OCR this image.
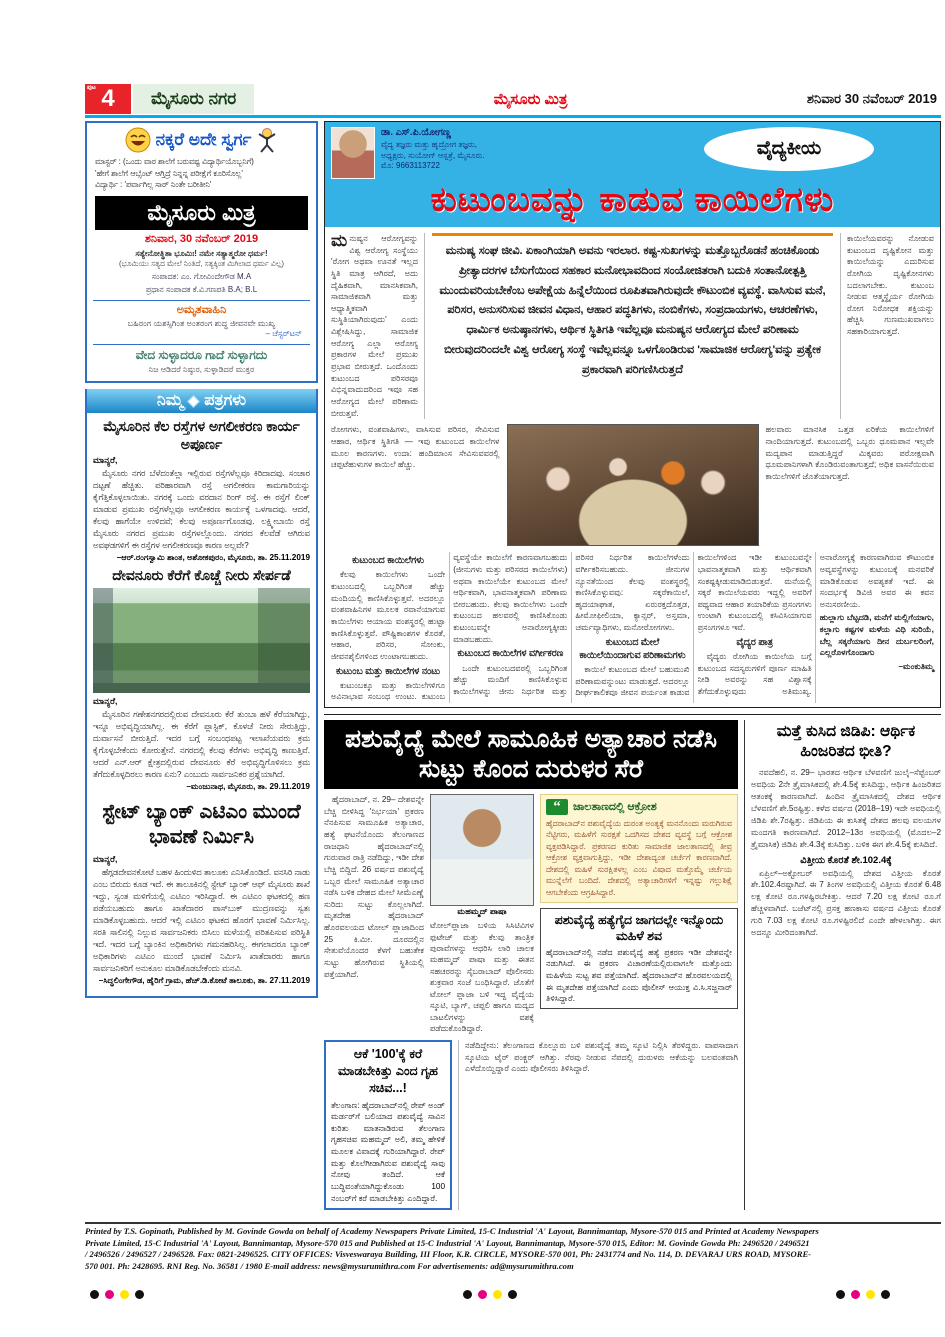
ಪುಟ 4	ಮೈಸೂರು ನಗರ	ಮೈಸೂರು ಮಿತ್ರ	ಶನಿವಾರ 30 ನವೆಂಬರ್ 2019
ನಕ್ಕರೆ ಅದೇ ಸ್ವರ್ಗ
ಮಾಸ್ಟರ್ : (ಒಂದು ವಾರ ಶಾಲೆಗೆ ಬರುವಷ್ಟ ವಿದ್ಯಾರ್ಥಿಯೊಬ್ಬನಿಗೆ)
'ಹೇಗೆ ಶಾಲೆಗೆ ಆಬ್ಸೆಂಟ್ ಆಗ್ತಿದ್ರೆ ನಿನ್ನನ್ನ ಪರೀಕ್ಷೆಗೆ ಕೂರಿಸೊಲ್ಲ'
ವಿದ್ಯಾರ್ಥಿ : 'ಪರ್ವಾಗಿಲ್ಲ ಸಾರ್ ನಿಂತೇ ಬರೀತೀನಿ'
ಮೈಸೂರು ಮಿತ್ರ
ಶನಿವಾರ, 30 ನವೆಂಬರ್ 2019
ಸತ್ಯೇನೋತ್ಥಿತಾ ಭೂಮಿಃ! ನಮೇ ಸತ್ಯಾತ್ಮರೋ ಧರ್ಮ!
(ಭೂಮಿಯು ಸತ್ಯದ ಮೇಲೆ ನಿಂತಿದೆ, ಸತ್ಯಕ್ಕಿಂತ ಮಿಗಿಲಾದ ಧರ್ಮ ವಿಲ್ಲ)
ಸಂಪಾದಕ: ಎಂ. ಗೋವಿಂದೇಗೌಡ M.A
ಪ್ರಧಾನ ಸಂಪಾದಕ ಕೆ.ವಿ.ಗಣಪತಿ B.A; B.L
ಅಮೃತವಾಹಿನಿ
ಬಹಿರಂಗ ಯಶಸ್ಸಿಗಿಂತ ಅಂತರಂಗ ಶುದ್ಧ ಜೀವನವೇ ಮುಖ್ಯ
– ಚೆಸ್ಟರ್‌ಟನ್
ವೇದ ಸುಳ್ಳಾದರೂ ಗಾದೆ ಸುಳ್ಳಾಗದು
ನಿಜ ಆಡಿದರೆ ನಿಷ್ಠುರ, ಸುಳ್ಳಾಡಿದರೆ ಮುಕ್ತರ
ನಿಮ್ಮ ಪತ್ರಗಳು
ಮೈಸೂರಿನ ಕೆಲ ರಸ್ತೆಗಳ ಅಗಲೀಕರಣ ಕಾರ್ಯ ಅಪೂರ್ಣ
ಮಾನ್ಯರೆ,

ಮೈಸೂರು ನಗರ ಬೆಳೆದಂತೆಲ್ಲಾ ಇಲ್ಲಿರುವ ರಸ್ತೆಗಳೆಲ್ಲವೂ ಕಿರಿದಾದವು. ಸಂಚಾರ ದಟ್ಟಣೆ ಹೆಚ್ಚಿತು. ಪರಿಹಾರವಾಗಿ ರಸ್ತೆ ಅಗಲೀಕರಣ ಕಾಮಗಾರಿಯನ್ನು ಕೈಗೆತ್ತಿಕೊಳ್ಳಲಾಯಿತು. ನಗರಕ್ಕೆ ಒಂದು ವರದಾನ ರಿಂಗ್ ರಸ್ತೆ. ಈ ರಸ್ತೆಗೆ ಲಿಂಕ್ ಮಾಡುವ ಪ್ರಮುಖ ರಸ್ತೆಗಳೆಲ್ಲವೂ ಅಗಲೀಕರಣ ಕಾರ್ಯಕ್ಕೆ ಒಳಗಾದವು. ಆದರೆ, ಕೆಲವು ಹಾಗೆಯೇ ಉಳಿದವೆ; ಕೆಲವು ಅಪೂರ್ಣಗೊಂಡವು. ಲಕ್ಷ್ಮೀಬಾಯಿ ರಸ್ತೆ ಮೈಸೂರು ನಗರದ ಪ್ರಮುಖ ರಸ್ತೆಗಳಲ್ಲೊಂದು. ನಗರದ ಕೆಲವೆಡೆ ಆಗಿರುವ ಅವಘಡಗಳಿಗೆ ಈ ರಸ್ತೆಗಳ ಅಗಲೀಕರಣವೂ ಕಾರಣ ಅಲ್ಲವೇ?

–ಆರ್.ರಂಗಸ್ವಾಮಿ ಶಾಂತ, ಅಶೋಕಪುರಂ, ಮೈಸೂರು, ತಾ. 25.11.2019
ದೇವನೂರು ಕೆರೆಗೆ ಕೊಚ್ಚೆ ನೀರು ಸೇರ್ಪಡೆ
ಮಾನ್ಯರೆ,

ಮೈಸೂರಿನ ಗಣೇಶನಗರದಲ್ಲಿರುವ ದೇವನೂರು ಕೆರೆ ತುಂಬಾ ಹಳೆ ಕೆರೆಯಾಗಿದ್ದು, ಇನ್ನೂ ಅಭಿವೃದ್ಧಿಯಾಗಿಲ್ಲ. ಈ ಕೆರೆಗೆ ಪ್ಲಾಸ್ಟಿಕ್, ಕೊಳಚೆ ನೀರು ಸೇರುತ್ತಿದ್ದು, ದುರ್ವಾಸನೆ ಬೀರುತ್ತಿದೆ. ಇದರ ಬಗ್ಗೆ ಸಂಬಂಧಪಟ್ಟ ಇಲಾಖೆಯವರು ಕ್ರಮ ಕೈಗೊಳ್ಳಬೇಕೆಂದು ಕೋರುತ್ತೇನೆ. ನಗರದಲ್ಲಿ ಕೆಲವು ಕೆರೆಗಳು ಅಭಿವೃದ್ಧಿ ಕಾಣುತ್ತಿವೆ. ಆದರೆ ಎನ್.ಆರ್ ಕ್ಷೇತ್ರದಲ್ಲಿರುವ ದೇವನೂರು ಕೆರೆ ಅಭಿವೃದ್ಧಿಗೊಳಿಸಲು ಕ್ರಮ ತೆಗೆದುಕೊಳ್ಳದಿರಲು ಕಾರಣ ಏನು? ಎಂಬುದು ಸಾರ್ವಜನಿಕರ ಪ್ರಶ್ನೆಯಾಗಿದೆ.

–ಮಂಜುನಾಥ, ಮೈಸೂರು, ತಾ. 29.11.2019
ಸ್ಟೇಟ್ ಬ್ಯಾಂಕ್ ಎಟಿಎಂ ಮುಂದೆ ಭಾವಣೆ ನಿರ್ಮಿಸಿ
ಮಾನ್ಯರೆ,

ಹೆಗ್ಗಡದೇವನಕೋಟೆ ಬಹಳ ಹಿಂದುಳಿದ ತಾಲೂಕು ಎನಿಸಿಕೊಂಡಿದೆ. ವನಸಿರಿ ನಾಡು ಎಂಬ ಬಿರುದು ಕೂಡ ಇದೆ. ಈ ತಾಲೂಕಿನಲ್ಲಿ ಸ್ಟೇಟ್ ಬ್ಯಾಂಕ್ ಆಫ್ ಮೈಸೂರು ಶಾಖೆ ಇದ್ದು, ಸ್ವಂತ ಮಳಿಗೆಯಲ್ಲಿ ಎಟಿಎಂ ಇರಿಸಿದ್ದಾರೆ. ಈ ಎಟಿಎಂ ಘಟಕದಲ್ಲಿ ಹಣ ಪಡೆಯಬಹುದು ಹಾಗೂ ಖಾತೆದಾರರ ಪಾಸ್‌ಬುಕ್ ಮುದ್ರಣವನ್ನು ಸ್ವತಃ ಮಾಡಿಕೊಳ್ಳಬಹುದು. ಆದರೆ ಇಲ್ಲಿ ಎಟಿಎಂ ಘಟಕದ ಹೊರಗೆ ಭಾವಣೆ ನಿರ್ಮಿಸಿಲ್ಲ. ಸರತಿ ಸಾಲಿನಲ್ಲಿ ನಿಲ್ಲುವ ಸಾರ್ವಜನಿಕರು ಬಿಸಿಲು ಮಳೆಯಲ್ಲಿ ಪರಿತಪಿಸುವ ಪರಿಸ್ಥಿತಿ ಇದೆ. ಇದರ ಬಗ್ಗೆ ಬ್ಯಾಂಕಿನ ಅಧಿಕಾರಿಗಳು ಗಮನಹರಿಸಿಲ್ಲ. ಈಗಲಾದರೂ ಬ್ಯಾಂಕ್ ಅಧಿಕಾರಿಗಳು ಎಟಿಎಂ ಮುಂದೆ ಭಾವಣೆ ನಿರ್ಮಿಸಿ ಖಾತೆದಾರರು ಹಾಗೂ ಸಾರ್ವಜನಿಕರಿಗೆ ಅನುಕೂಲ ಮಾಡಿಕೊಡಬೇಕೆಂದು ಮನವಿ.

–ಸಿದ್ಧಲಿಂಗೇಗೌಡ, ಹೈರಿಗೆ ಗ್ರಾಮ, ಹೆಚ್.ಡಿ.ಕೋಟೆ ತಾಲೂಕು, ತಾ. 27.11.2019
ಡಾ. ಎಸ್.ಪಿ.ಯೋಗಣ್ಣ
ವೈದ್ಯ ತಜ್ಞರು ಮತ್ತು ಹೃದ್ರೋಗ ತಜ್ಞರು,
ಅಧ್ಯಕ್ಷರು, ಸುಯೋಗ್ ಆಸ್ಪತ್ರೆ, ಮೈಸೂರು.
ಮೊ: 9663113722
ವೈದ್ಯಕೀಯ
ಕುಟುಂಬವನ್ನು ಕಾಡುವ ಕಾಯಿಲೆಗಳು
ಮನುಷ್ಯನ ಆರೋಗ್ಯವನ್ನು ವಿಶ್ವ ಆರೋಗ್ಯ ಸಂಸ್ಥೆಯು 'ರೋಗ ಅಥವಾ ಊನತೆ ಇಲ್ಲದ ಸ್ಥಿತಿ ಮಾತ್ರ ಆಗಿರದೆ, ಅದು ದೈಹಿಕವಾಗಿ, ಮಾನಸಿಕವಾಗಿ, ಸಾಮಾಜಿಕವಾಗಿ ಮತ್ತು ಆಧ್ಯಾತ್ಮಿಕವಾಗಿ ಸುಸ್ಥಿತಿಯಾಗಿರುವುದು' ಎಂದು ವಿಶ್ಲೇಷಿಸಿದ್ದು, ಸಾಮಾಜಿಕ ಆರೋಗ್ಯ ಎಲ್ಲಾ ಆರೋಗ್ಯ ಪ್ರಕಾರಗಳ ಮೇಲೆ ಪ್ರಮುಖ ಪ್ರಭಾವ ಬೀರುತ್ತದೆ. ಒಂದೊಂದು ಕುಟುಂಬದ ಪರಿಸರವೂ ವಿಭಿನ್ನವಾದುದರಿಂದ ಇವೂ ಸಹ ಆರೋಗ್ಯದ ಮೇಲೆ ಪರಿಣಾಮ ಬೀರುತ್ತವೆ.
ಮನುಷ್ಯ ಸಂಘ ಜೀವಿ. ಏಕಾಂಗಿಯಾಗಿ ಅವನು ಇರಲಾರ. ಕಷ್ಟ-ಸುಖಗಳನ್ನು ಮತ್ತೊಬ್ಬರೊಡನೆ ಹಂಚಿಕೊಂಡು ಪ್ರೀತ್ಯಾದರಗಳ ಬೆಸುಗೆಯಿಂದ ಸಹಕಾರ ಮನೋಭಾವದಿಂದ ಸಂಯೋಜಿತರಾಗಿ ಬದುಕಿ ಸಂತಾನೋತ್ಪತ್ತಿ ಮುಂದುವರಿಯಬೇಕೆಂಬ ಅಪೇಕ್ಷೆಯ ಹಿನ್ನೆಲೆಯಿಂದ ರೂಪಿತವಾಗಿರುವುದೇ ಕೌಟುಂಬಿಕ ವ್ಯವಸ್ಥೆ. ವಾಸಿಸುವ ಮನೆ, ಪರಿಸರ, ಅನುಸರಿಸುವ ಜೀವನ ವಿಧಾನ, ಆಹಾರ ಪದ್ಧತಿಗಳು, ನಂಬಿಕೆಗಳು, ಸಂಪ್ರದಾಯಗಳು, ಆಚರಣೆಗಳು, ಧಾರ್ಮಿಕ ಅನುಷ್ಠಾನಗಳು, ಆರ್ಥಿಕ ಸ್ಥಿತಿಗತಿ ಇವೆಲ್ಲವೂ ಮನುಷ್ಯನ ಆರೋಗ್ಯದ ಮೇಲೆ ಪರಿಣಾಮ ಬೀರುವುದರಿಂದಲೇ ವಿಶ್ವ ಆರೋಗ್ಯ ಸಂಸ್ಥೆ ಇವೆಲ್ಲವನ್ನೂ ಒಳಗೊಂಡಿರುವ 'ಸಾಮಾಜಿಕ ಆರೋಗ್ಯ'ವನ್ನು ಪ್ರತ್ಯೇಕ ಪ್ರಕಾರವಾಗಿ ಪರಿಗಣಿಸಿರುತ್ತದೆ
ಕಾಯಿಲೆಯವರನ್ನು ನೋಡುವ ಕುಟುಂಬದ ದೃಷ್ಟಿಕೋನ ಮತ್ತು ಕಾಯಿಲೆಯನ್ನು ಎದುರಿಸುವ ರೋಗಿಯ ದೃಷ್ಟಿಕೋನಗಳು ಬದಲಾಗಬೇಕು. ಕುಟುಂಬ ನೀಡುವ ಆತ್ಮಸ್ಥೈರ್ಯ ರೋಗಿಯ ರೋಗ ನಿರೋಧಕ ಶಕ್ತಿಯನ್ನು ಹೆಚ್ಚಿಸಿ ಗುಣಮುಖವಾಗಲು ಸಹಕಾರಿಯಾಗುತ್ತದೆ.
ರೋಗಗಳು, ವಂಶವಾಹಿಗಳು, ವಾಸಿಸುವ ಪರಿಸರ, ಸೇವಿಸುವ ಆಹಾರ, ಆರ್ಥಿಕ ಸ್ಥಿತಿಗತಿ — ಇವು ಕುಟುಂಬದ ಕಾಯಿಲೆಗಳ ಮೂಲ ಕಾರಣಗಳು. ಉದಾ: ಹಂದಿಮಾಂಸ ಸೇವಿಸುವವರಲ್ಲಿ ಚಪ್ಪಟೆಹುಳುಗಳ ಕಾಯಿಲೆ ಹೆಚ್ಚು.
ಹಲವಾರು ಮಾನಸಿಕ ಒತ್ತಡ ಏರಿಕೆಯ ಕಾಯಿಲೆಗಳಿಗೆ ನಾಂದಿಯಾಗುತ್ತದೆ. ಕುಟುಂಬದಲ್ಲಿ ಒಬ್ಬರು ಧೂಮಪಾನ ಇಲ್ಲವೇ ಮದ್ಯಪಾನ ಮಾಡುತ್ತಿದ್ದರೆ ಮಿಕ್ಕವರು ಪರೋಕ್ಷವಾಗಿ ಧೂಮಪಾನಿಗಳಾಗಿ ಕೊಂಡಿರುವಂತಾಗುತ್ತದೆ; ಅಧಿಕ ವಾಸನೆಯಿರುವ ಕಾಯಿಲೆಗಳಿಗೆ ಜೊತೆಯಾಗುತ್ತದೆ.
ಕುಟುಂಬದ ಕಾಯಿಲೆಗಳು

ಕೆಲವು ಕಾಯಿಲೆಗಳು ಒಂದೇ ಕುಟುಂಬದಲ್ಲಿ ಒಬ್ಬರಿಗಿಂತ ಹೆಚ್ಚು ಮಂದಿಯಲ್ಲಿ ಕಾಣಿಸಿಕೊಳ್ಳುತ್ತವೆ. ಅದರಲ್ಲೂ ವಂಶವಾಹಿನಿಗಳ ಮೂಲಕ ರವಾನೆಯಾಗುವ ಕಾಯಿಲೆಗಳು ಆಯಾಯ ವಂಶಸ್ಥರಲ್ಲಿ ಹುಟ್ಟಾ ಕಾಣಿಸಿಕೊಳ್ಳುತ್ತವೆ. ಪೌಷ್ಟಿಕಾಂಶಗಳ ಕೊರತೆ, ಆಹಾರ, ಪರಿಸರ, ಸೋಂಕು, ಜೀವನಶೈಲಿಗಳಿಂದ ಉಂಟಾಗಬಹುದು.

ಕುಟುಂಬ ಮತ್ತು ಕಾಯಿಲೆಗಳ ನಂಟು

ಕುಟುಂಬಕ್ಕೂ ಮತ್ತು ಕಾಯಿಲೆಗಳಿಗೂ ಅವಿನಾಭಾವ ಸಂಬಂಧ ಉಂಟು. ಕುಟುಂಬ ವ್ಯವಸ್ಥೆಯೇ ಕಾಯಿಲೆಗೆ ಕಾರಣವಾಗಬಹುದು (ಜೀನುಗಳು ಮತ್ತು ಪರಿಸರದ ಕಾಯಿಲೆಗಳು) ಅಥವಾ ಕಾಯಿಲೆಯೇ ಕುಟುಂಬದ ಮೇಲೆ ಆರ್ಥಿಕವಾಗಿ, ಭಾವನಾತ್ಮಕವಾಗಿ ಪರಿಣಾಮ ಬೀರಬಹುದು. ಕೆಲವು ಕಾಯಿಲೆಗಳು ಒಂದೇ ಕುಟುಂಬದ ಹಲವರಲ್ಲಿ ಕಾಣಿಸಿಕೊಂಡು ಕುಟುಂಬವನ್ನೇ ಅನಾರೋಗ್ಯಕ್ಕೀಡು ಮಾಡಬಹುದು.

ಕುಟುಂಬದ ಕಾಯಿಲೆಗಳ ವರ್ಗೀಕರಣ

ಒಂದೇ ಕುಟುಂಬದವರಲ್ಲಿ ಒಬ್ಬರಿಗಿಂತ ಹೆಚ್ಚು ಮಂದಿಗೆ ಕಾಣಿಸಿಕೊಳ್ಳುವ ಕಾಯಿಲೆಗಳನ್ನು ಜೀನು ನಿರ್ಧರಿತ ಮತ್ತು ಪರಿಸರ ನಿರ್ಧರಿತ ಕಾಯಿಲೆಗಳೆಂದು ವರ್ಗೀಕರಿಸಬಹುದು. ಜೀನುಗಳ ನ್ಯೂನತೆಯಿಂದ ಕೆಲವು ವಂಶಸ್ಥರಲ್ಲಿ ಕಾಣಿಸಿಕೊಳ್ಳುವವು: ಸಕ್ಕರೆಕಾಯಿಲೆ, ಹೃದಯಾಘಾತ, ಏರುರಕ್ತದೊತ್ತಡ, ಹೀಮೋಫೀಲಿಯಾ, ಕ್ಯಾನ್ಸರ್, ಅಸ್ತಮಾ, ಚರ್ಮವ್ಯಾಧಿಗಳು, ಮನೋರೋಗಗಳು.

ಕುಟುಂಬದ ಮೇಲೆ ಕಾಯಿಲೆಯಿಂದಾಗುವ ಪರಿಣಾಮಗಳು

ಕಾಯಿಲೆ ಕುಟುಂಬದ ಮೇಲೆ ಬಹುಮುಖಿ ಪರಿಣಾಮವನ್ನುಂಟು ಮಾಡುತ್ತದೆ. ಅದರಲ್ಲೂ ದೀರ್ಘಕಾಲಿಕವೂ ಜೀವನ ಪರ್ಯಂತ ಕಾಡುವ ಕಾಯಿಲೆಗಳಿಂದ ಇಡೀ ಕುಟುಂಬವನ್ನೇ ಭಾವನಾತ್ಮಕವಾಗಿ ಮತ್ತು ಆರ್ಥಿಕವಾಗಿ ಸಂಕಷ್ಟಕ್ಕೀಡುಮಾಡಿಬಿಡುತ್ತವೆ. ಮನೆಯಲ್ಲಿ ಸಕ್ಕರೆ ಕಾಯಿಲೆಯವರು ಇದ್ದಲ್ಲಿ ಅವರಿಗೆ ಪಥ್ಯವಾದ ಆಹಾರ ತಯಾರಿಕೆಯ ಪ್ರಸಂಗಗಳು ಉಂಟಾಗಿ ಕುಟುಂಬದಲ್ಲಿ ಕಸಿವಿಸಿಯಾಗುವ ಪ್ರಸಂಗಗಳೂ ಇವೆ.

ವೈದ್ಯರ ಪಾತ್ರ

ವೈದ್ಯರು ರೋಗಿಯ ಕಾಯಿಲೆಯ ಬಗ್ಗೆ ಕುಟುಂಬದ ಸದಸ್ಯರುಗಳಿಗೆ ಪೂರ್ಣ ಮಾಹಿತಿ ನೀಡಿ ಅವರನ್ನು ಸಹ ವಿಶ್ವಾಸಕ್ಕೆ ತೆಗೆದುಕೊಳ್ಳುವುದು ಅತಿಮುಖ್ಯ. ಅನಾರೋಗ್ಯಕ್ಕೆ ಕಾರಣವಾಗಿರುವ ಕೌಟುಂಬಿಕ ಅವ್ಯವಸ್ಥೆಗಳನ್ನು ಕುಟುಂಬಕ್ಕೆ ಮನವರಿಕೆ ಮಾಡಿಕೊಡುವ ಅವಶ್ಯಕತೆ ಇದೆ. ಈ ಸಂದರ್ಭಕ್ಕೆ ಡಿವಿಜಿ ಅವರ ಈ ಕವನ ಅನುಸರಣೀಯ.

ಹುಲ್ಲಾಗು ಬೆಟ್ಟದಡಿ, ಮನೆಗೆ ಮಲ್ಲಿಗೆಯಾಗು, ಕಲ್ಲಾಗು ಕಷ್ಟಗಳ ಮಳೆಯ ವಿಧಿ ಸುರಿಯೆ, ಬೆಲ್ಲ ಸಕ್ಕರೆಯಾಗು ದೀನ ದುರ್ಬಲರಿಂಗೆ, ಎಲ್ಲರೊಳಗೊಂದಾಗು

–ಮಂಕುತಿಮ್ಮ

ಪಶುವೈದ್ಯೆ ಮೇಲೆ ಸಾಮೂಹಿಕ ಅತ್ಯಾಚಾರ ನಡೆಸಿ ಸುಟ್ಟು ಕೊಂದ ದುರುಳರ ಸೆರೆ

ಹೈದರಾಬಾದ್, ನ. 29– ದೇಶವನ್ನೇ ಬೆಚ್ಚಿ ಬೀಳಿಸಿದ್ದ 'ನಿರ್ಭಯಾ' ಪ್ರಕರಣ ನೆನಪಿಸುವ ಸಾಮೂಹಿಕ ಅತ್ಯಾಚಾರ, ಹತ್ಯೆ ಘಟನೆಯೊಂದು ತೆಲಂಗಾಣದ ರಾಜಧಾನಿ ಹೈದರಾಬಾದ್‌ನಲ್ಲಿ ಗುರುವಾರ ರಾತ್ರಿ ನಡೆದಿದ್ದು, ಇಡೀ ದೇಶ ಬೆಚ್ಚಿ ಬಿದ್ದಿದೆ. 26 ವರ್ಷದ ಪಶುವೈದ್ಯೆ ಒಬ್ಬರ ಮೇಲೆ ಸಾಮೂಹಿಕ ಅತ್ಯಾಚಾರ ನಡೆಸಿ ಬಳಿಕ ದೇಹದ ಮೇಲೆ ಸೀಮೆಎಣ್ಣೆ ಸುರಿದು ಸುಟ್ಟು ಕೊಲ್ಲಲಾಗಿದೆ. ಮೃತದೇಹ ಹೈದರಾಬಾದ್ ಹೊರವಲಯದ ಟೋಲ್ ಪ್ಲಾಜಾದಿಂದ 25 ಕಿ.ಮೀ. ದೂರದಲ್ಲಿನ ಸೇತುವೆಯೊಂದರ ಕೆಳಗೆ ಬಹುತೇಕ ಸುಟ್ಟು ಹೋಗಿರುವ ಸ್ಥಿತಿಯಲ್ಲಿ ಪತ್ತೆಯಾಗಿದೆ.

ಮಹಮ್ಮದ್ ಪಾಷಾ
ಟೋಲ್‌ಪ್ಲಾಜಾ ಬಳಿಯ ಸಿಸಿಟಿವಿಗಳ ಫುಟೇಜ್ ಮತ್ತು ಕೆಲವು ತಾಂತ್ರಿಕ ಪುರಾವೆಗಳನ್ನು ಆಧರಿಸಿ ಲಾರಿ ಚಾಲಕ ಮಹಮ್ಮದ್ ಪಾಷಾ ಮತ್ತು ಈತನ ಸಹಚರರನ್ನು ಸೈಬರಾಬಾದ್ ಪೊಲೀಸರು ಶುಕ್ರವಾರ ಸಂಜೆ ಬಂಧಿಸಿದ್ದಾರೆ. ಜೊತೆಗೆ ಟೋಲ್ ಪ್ಲಾಜಾ ಬಳಿ ಇದ್ದ ವೈದ್ಯೆಯ ಸ್ಕೂಟಿ, ಬ್ಯಾಗ್, ಚಪ್ಪಲಿ ಹಾಗೂ ಮದ್ಯದ ಬಾಟಲಿಗಳನ್ನು ವಶಕ್ಕೆ ಪಡೆದುಕೊಂಡಿದ್ದಾರೆ.
“	ಜಾಲತಾಣದಲ್ಲಿ ಆಕ್ರೋಶ
ಹೈದರಾಬಾದ್‌ನ ಪಶುವೈದ್ಯೆಯ ದುರಂತ ಅಂತ್ಯಕ್ಕೆ ಮನನೊಂದು ಮರುಗಿರುವ ನೆಟ್ಟಿಗರು, ಮಹಿಳೆಗೆ ಸುರಕ್ಷತೆ ಒದಗಿಸದ ದೇಶದ ವ್ಯವಸ್ಥೆ ಬಗ್ಗೆ ಆಕ್ರೋಶ ವ್ಯಕ್ತಪಡಿಸಿದ್ದಾರೆ. ಪ್ರಕರಣದ ಕುರಿತು ಸಾಮಾಜಿಕ ಜಾಲತಾಣದಲ್ಲಿ ತೀವ್ರ ಆಕ್ರೋಶ ವ್ಯಕ್ತವಾಗುತ್ತಿದ್ದು, ಇಡೀ ದೇಶಾದ್ಯಂತ ಚರ್ಚೆಗೆ ಕಾರಣವಾಗಿದೆ. ದೇಶದಲ್ಲಿ ಮಹಿಳೆ ಸುರಕ್ಷಿತಳಲ್ಲ ಎಂಬ ವಿಷಾದ ಮತ್ತೊಮ್ಮೆ ಚರ್ಚೆಯ ಮುನ್ನೆಲೆಗೆ ಬಂದಿದೆ. ದೇಶದಲ್ಲಿ ಅತ್ಯಾಚಾರಿಗಳಿಗೆ ಇನ್ನಷ್ಟು ಗಲ್ಲುಶಿಕ್ಷೆ ಆಗಬೇಕೆಂದು ಆಗ್ರಹಿಸಿದ್ದಾರೆ.
ಪಶುವೈದ್ಯೆ ಹತ್ಯೆಗೈದ ಜಾಗದಲ್ಲೇ ಇನ್ನೊಂದು ಮಹಿಳೆ ಶವ

ಹೈದರಾಬಾದ್‌ನಲ್ಲಿ ನಡೆದ ಪಶುವೈದ್ಯೆ ಹತ್ಯೆ ಪ್ರಕರಣ ಇಡೀ ದೇಶವನ್ನೇ ನಡುಗಿಸಿದೆ. ಈ ಪ್ರಕರಣ ವಿಚಾರಣೆಯಲ್ಲಿರುವಾಗಲೇ ಮತ್ತೊಂದು ಮಹಿಳೆಯ ಸುಟ್ಟ ಶವ ಪತ್ತೆಯಾಗಿದೆ. ಹೈದರಾಬಾದ್‌ನ ಹೊರವಲಯದಲ್ಲಿ ಈ ಮೃತದೇಹ ಪತ್ತೆಯಾಗಿದೆ ಎಂದು ಪೊಲೀಸ್ ಆಯುಕ್ತ ವಿ.ಸಿ.ಸಜ್ಜನಾರ್ ತಿಳಿಸಿದ್ದಾರೆ.

ಆಕೆ '100'ಕ್ಕೆ ಕರೆ ಮಾಡಬೇಕಿತ್ತು ಎಂದ ಗೃಹ ಸಚಿವ...!

ತೆಲಂಗಾಣ: ಹೈದರಾಬಾದ್‌ನಲ್ಲಿ ರೇಪ್ ಅಂಡ್ ಮರ್ಡರ್‌ಗೆ ಬಲಿಯಾದ ಪಶುವೈದ್ಯೆ ಸಾವಿನ ಕುರಿತು ಮಾತನಾಡಿರುವ ತೆಲಂಗಾಣ ಗೃಹಸಚಿವ ಮಹಮ್ಮದ್ ಅಲಿ, ತಮ್ಮ ಹೇಳಿಕೆ ಮೂಲಕ ವಿವಾದಕ್ಕೆ ಗುರಿಯಾಗಿದ್ದಾರೆ. ರೇಪ್ ಮತ್ತು ಕೊಲೆಗೀಡಾಗಿರುವ ಪಶುವೈದ್ಯೆ ಸಾವು ನೋವು ತಂದಿದೆ. ಆಕೆ ಬುದ್ಧಿವಂತೆಯಾಗಿದ್ದುಕೊಂಡು 100 ನಂಬರ್‌ಗೆ ಕರೆ ಮಾಡಬೇಕಿತ್ತು ಎಂದಿದ್ದಾರೆ.

ನಡೆದಿದ್ದೇನು: ತೆಲಂಗಾಣದ ಕೊಲ್ಲೂರು ಬಳಿ ಪಶುವೈದ್ಯೆ ತಮ್ಮ ಸ್ಕೂಟಿ ನಿಲ್ಲಿಸಿ ತೆರಳಿದ್ದರು. ವಾಪಸಾದಾಗ ಸ್ಕೂಟಿಯ ಟೈರ್ ಪಂಕ್ಚರ್ ಆಗಿತ್ತು. ನೆರವು ನೀಡುವ ನೆಪದಲ್ಲಿ ದುರುಳರು ಆಕೆಯನ್ನು ಬಲವಂತವಾಗಿ ಎಳೆದೊಯ್ದಿದ್ದಾರೆ ಎಂದು ಪೊಲೀಸರು ತಿಳಿಸಿದ್ದಾರೆ.

ಮತ್ತೆ ಕುಸಿದ ಜಿಡಿಪಿ: ಆರ್ಥಿಕ ಹಿಂಜರಿತದ ಭೀತಿ?

ನವದೆಹಲಿ, ನ. 29– ಭಾರತದ ಆರ್ಥಿಕ ಬೆಳವಣಿಗೆ ಜುಲೈ–ಸೆಪ್ಟೆಂಬರ್ ಅವಧಿಯ 2ನೇ ತ್ರೈಮಾಸಿಕದಲ್ಲಿ ಶೇ.4.5ಕ್ಕೆ ಕುಸಿದಿದ್ದು, ಆರ್ಥಿಕ ಹಿಂಜರಿತದ ಆತಂಕಕ್ಕೆ ಕಾರಣವಾಗಿದೆ. ಹಿಂದಿನ ತ್ರೈಮಾಸಿಕದಲ್ಲಿ ದೇಶದ ಆರ್ಥಿಕ ಬೆಳವಣಿಗೆ ಶೇ.5ರಷ್ಟಿತ್ತು. ಕಳೆದ ವರ್ಷದ (2018–19) ಇದೇ ಅವಧಿಯಲ್ಲಿ ಜಿಡಿಪಿ ಶೇ.7ರಷ್ಟಿತ್ತು. ಜಿಡಿಪಿಯ ಈ ಕುಸಿತಕ್ಕೆ ದೇಶದ ಹಲವು ವಲಯಗಳ ಮಂದಗತಿ ಕಾರಣವಾಗಿದೆ. 2012–13ರ ಅವಧಿಯಲ್ಲಿ (ಮೊದಲ–2 ತ್ರೈಮಾಸಿಕ) ಜಿಡಿಪಿ ಶೇ.4.3ಕ್ಕೆ ಕುಸಿದಿತ್ತು. ಬಳಿಕ ಈಗ ಶೇ.4.5ಕ್ಕೆ ಕುಸಿದಿದೆ.

ವಿತ್ತೀಯ ಕೊರತೆ ಶೇ.102.4ಕ್ಕೆ

ಏಪ್ರಿಲ್–ಅಕ್ಟೋಬರ್ ಅವಧಿಯಲ್ಲಿ ದೇಶದ ವಿತ್ತೀಯ ಕೊರತೆ ಶೇ.102.4ರಷ್ಟಾಗಿದೆ. ಈ 7 ತಿಂಗಳ ಅವಧಿಯಲ್ಲಿ ವಿತ್ತೀಯ ಕೊರತೆ 6.48 ಲಕ್ಷ ಕೋಟಿ ರೂ.ಗಳಷ್ಟಿರಬೇಕಿತ್ತು. ಆದರೆ 7.20 ಲಕ್ಷ ಕೋಟಿ ರೂ.ಗೆ ಹೆಚ್ಚಳವಾಗಿದೆ. ಬಜೆಟ್‌ನಲ್ಲಿ ಪ್ರಸಕ್ತ ಹಣಕಾಸು ವರ್ಷದ ವಿತ್ತೀಯ ಕೊರತೆ ಗುರಿ 7.03 ಲಕ್ಷ ಕೋಟಿ ರೂ.ಗಳಷ್ಟಿರಲಿದೆ ಎಂದೇ ಹೇಳಲಾಗಿತ್ತು. ಈಗ ಅದನ್ನೂ ಮೀರಿದಂತಾಗಿದೆ.

Printed by T.S. Gopinath, Published by M. Govinde Gowda on behalf of Academy Newspapers Private Limited, 15-C Industrial 'A' Layout, Bannimantap, Mysore-570 015 and Printed at Academy Newspapers
Private Limited, 15-C Industrial 'A' Layout, Bannimantap, Mysore-570 015 and Published at 15-C Industrial 'A' Layout, Bannimantap, Mysore-570 015, Editor: M. Govinde Gowda Ph: 2496520 / 2496521
/ 2496526 / 2496527 / 2496528. Fax: 0821-2496525. CITY OFFICES: Visveswaraya Building, III Floor, K.R. CIRCLE, MYSORE-570 001, Ph: 2431774 and No. 114, D. DEVARAJ URS ROAD, MYSORE-
570 001. Ph: 2428695. RNI Reg. No. 36581 / 1980 E-mail address: news@mysurumithra.com For advertisements: ad@mysurumithra.com
